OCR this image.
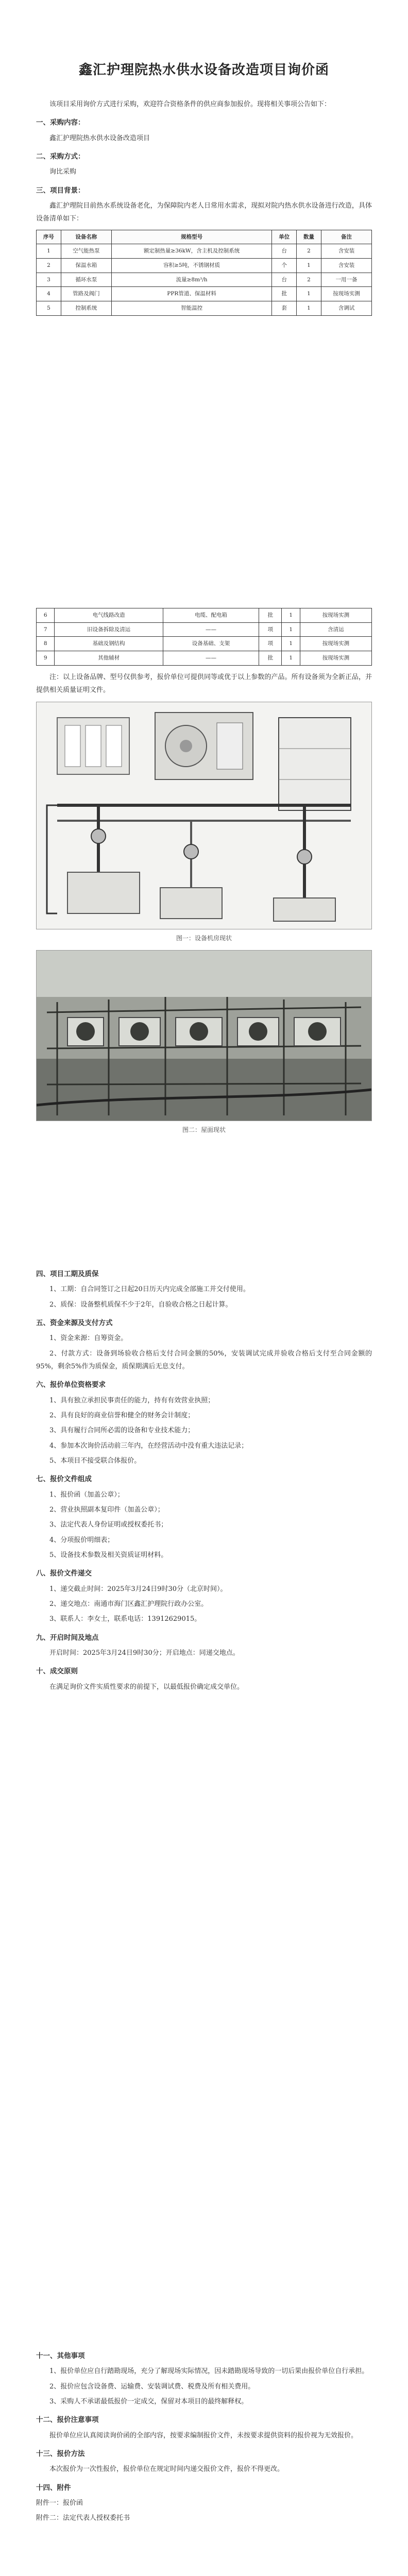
鑫汇护理院热水供水设备改造项目询价函

该项目采用询价方式进行采购，欢迎符合资格条件的供应商参加报价。现将相关事项公告如下：

一、采购内容：

鑫汇护理院热水供水设备改造项目

二、采购方式：

询比采购

三、项目背景：

鑫汇护理院目前热水系统设备老化，为保障院内老人日常用水需求，现拟对院内热水供水设备进行改造，具体设备清单如下：

序号	设备名称	规格型号	单位	数量	备注
1	空气能热泵	额定制热量≥36kW，含主机及控制系统	台	2	含安装
2	保温水箱	容积≥5吨，不锈钢材质	个	1	含安装
3	循环水泵	流量≥8m³/h	台	2	一用一备
4	管路及阀门	PPR管道、保温材料	批	1	按现场实测
5	控制系统	智能温控	套	1	含调试
6	电气线路改造	电缆、配电箱	批	1	按现场实测
7	旧设备拆除及清运	——	项	1	含清运
8	基础及钢结构	设备基础、支架	项	1	按现场实测
9	其他辅材	——	批	1	按现场实测

注：以上设备品牌、型号仅供参考，报价单位可提供同等或优于以上参数的产品。所有设备须为全新正品，并提供相关质量证明文件。

图一：设备机房现状

图二：屋面现状

四、项目工期及质保

1、工期：自合同签订之日起20日历天内完成全部施工并交付使用。

2、质保：设备整机质保不少于2年，自验收合格之日起计算。

五、资金来源及支付方式

1、资金来源：自筹资金。

2、付款方式：设备到场验收合格后支付合同金额的50%，安装调试完成并验收合格后支付至合同金额的95%，剩余5%作为质保金，质保期满后无息支付。

六、报价单位资格要求

1、具有独立承担民事责任的能力，持有有效营业执照；

2、具有良好的商业信誉和健全的财务会计制度；

3、具有履行合同所必需的设备和专业技术能力；

4、参加本次询价活动前三年内，在经营活动中没有重大违法记录；

5、本项目不接受联合体报价。

七、报价文件组成

1、报价函（加盖公章）；

2、营业执照副本复印件（加盖公章）；

3、法定代表人身份证明或授权委托书；

4、分项报价明细表；

5、设备技术参数及相关资质证明材料。

八、报价文件递交

1、递交截止时间：2025年3月24日9时30分（北京时间）。

2、递交地点：南通市海门区鑫汇护理院行政办公室。

3、联系人：李女士，联系电话：13912629015。

九、开启时间及地点

开启时间：2025年3月24日9时30分；开启地点：同递交地点。

十、成交原则

在满足询价文件实质性要求的前提下，以最低报价确定成交单位。

十一、其他事项

1、报价单位应自行踏勘现场，充分了解现场实际情况，因未踏勘现场导致的一切后果由报价单位自行承担。

2、报价应包含设备费、运输费、安装调试费、税费及所有相关费用。

3、采购人不承诺最低报价一定成交，保留对本项目的最终解释权。

十二、报价注意事项

报价单位应认真阅读询价函的全部内容，按要求编制报价文件，未按要求提供资料的报价视为无效报价。

十三、报价方法

本次报价为一次性报价，报价单位在规定时间内递交报价文件，报价不得更改。

十四、附件

附件一：报价函

附件二：法定代表人授权委托书
